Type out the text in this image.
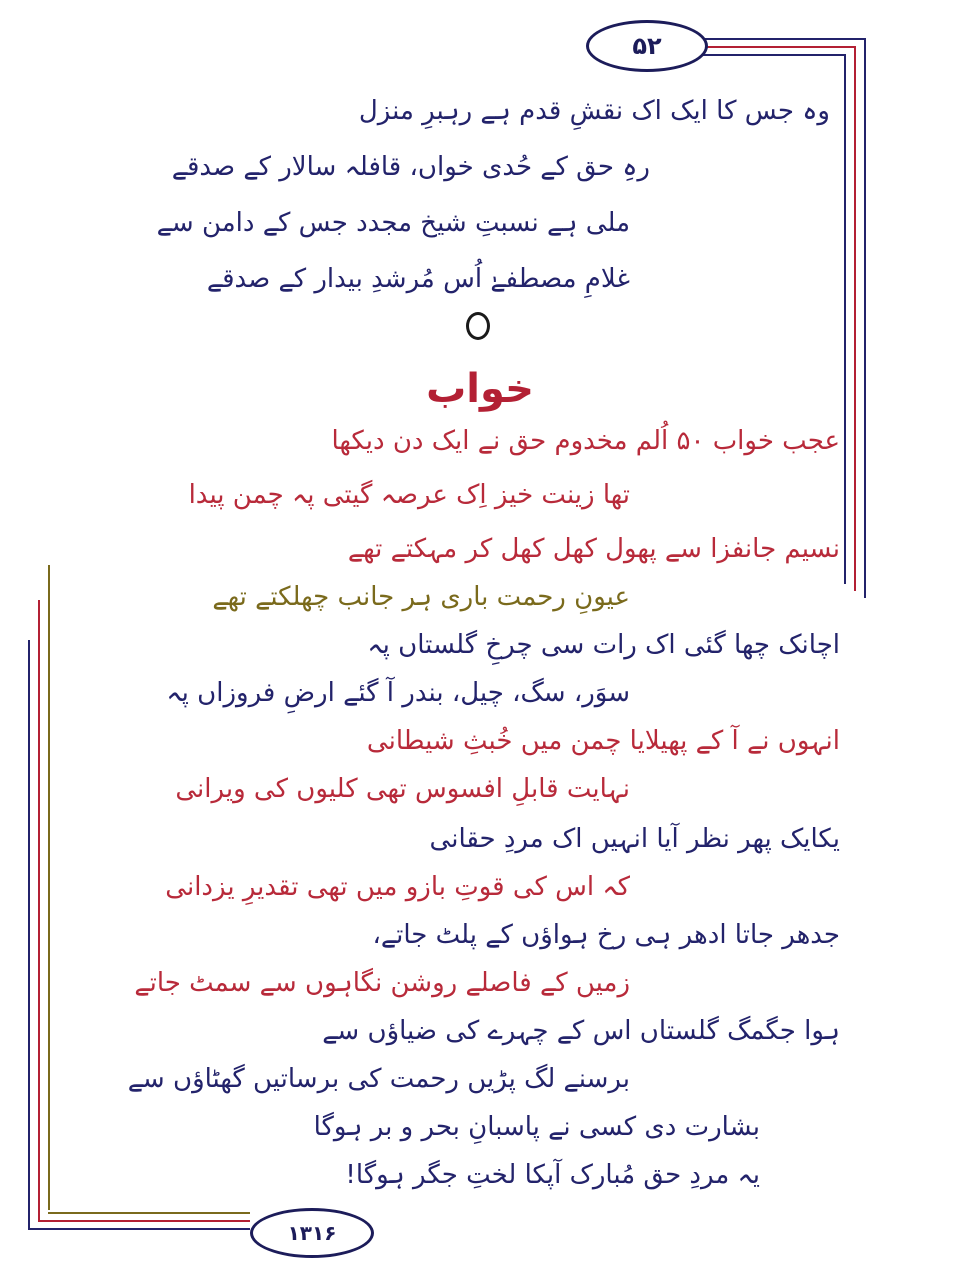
۵۲
۱۳۱۶
وہ جس کا ایک اک نقشِ قدم ہے رہبرِ منزل
رہِ حق کے حُدی خواں، قافلہ سالار کے صدقے
ملی ہے نسبتِ شیخ مجدد جس کے دامن سے
غلامِ مصطفےٰ اُس مُرشدِ بیدار کے صدقے
خواب
عجب خواب ۵۰ اُلم مخدوم حق نے ایک دن دیکھا
تھا زینت خیز اِک عرصہ گیتی پہ چمن پیدا
نسیم جانفزا سے پھول کھل کھل کر مہکتے تھے
عیونِ رحمت باری ہر جانب چھلکتے تھے
اچانک چھا گئی اک رات سی چرخِ گلستاں پہ
سوَر، سگ، چیل، بندر آ گئے ارضِ فروزاں پہ
انہوں نے آ کے پھیلایا چمن میں خُبثِ شیطانی
نہایت قابلِ افسوس تھی کلیوں کی ویرانی
یکایک پھر نظر آیا انہیں اک مردِ حقانی
کہ اس کی قوتِ بازو میں تھی تقدیرِ یزدانی
جدھر جاتا ادھر ہی رخ ہواؤں کے پلٹ جاتے،
زمیں کے فاصلے روشن نگاہوں سے سمٹ جاتے
ہوا جگمگ گلستاں اس کے چہرے کی ضیاؤں سے
برسنے لگ پڑیں رحمت کی برساتیں گھٹاؤں سے
بشارت دی کسی نے پاسبانِ بحر و بر ہوگا
یہ مردِ حق مُبارک آپکا لختِ جگر ہوگا!
